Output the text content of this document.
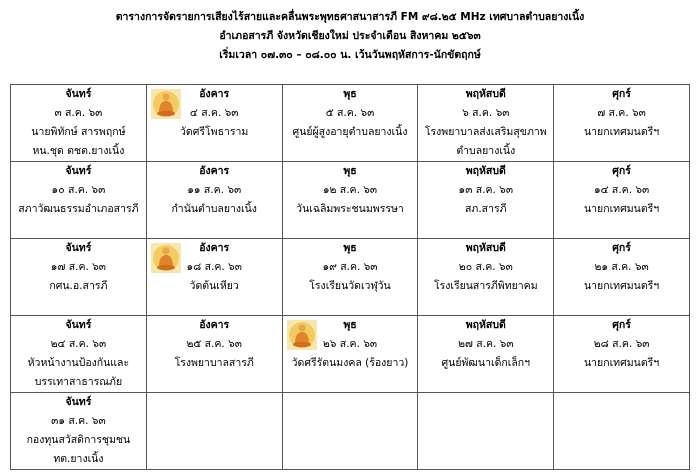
ตารางการจัดรายการเสียงไร้สายและคลื่นพระพุทธศาสนาสารภี FM ๙๘.๒๕ MHz เทศบาลตำบลยางเนิ้ง
อำเภอสารภี จังหวัดเชียงใหม่ ประจำเดือน สิงหาคม ๒๕๖๓
เริ่มเวลา ๐๗.๓๐ – ๐๘.๐๐ น. เว้นวันพฤหัสการ-นักขัตฤกษ์
จันทร์
๓ ส.ค. ๖๓
นายพิทักษ์ สารพฤกษ์
หน.ชุด ตชต.ยางเนิ้ง	อังคาร
๔ ส.ค. ๖๓
วัดศรีโพธาราม	พุธ
๕ ส.ค. ๖๓
ศูนย์ผู้สูงอายุตำบลยางเนิ้ง	พฤหัสบดี
๖ ส.ค. ๖๓
โรงพยาบาลส่งเสริมสุขภาพ
ตำบลยางเนิ้ง	ศุกร์
๗ ส.ค. ๖๓
นายกเทศมนตรีฯ

จันทร์
๑๐ ส.ค. ๖๓
สภาวัฒนธรรมอำเภอสารภี	อังคาร
๑๑ ส.ค. ๖๓
กำนันตำบลยางเนิ้ง	พุธ
๑๒ ส.ค. ๖๓
วันเฉลิมพระชนมพรรษา	พฤหัสบดี
๑๓ ส.ค. ๖๓
สภ.สารภี	ศุกร์
๑๔ ส.ค. ๖๓
นายกเทศมนตรีฯ

จันทร์
๑๗ ส.ค. ๖๓
กศน.อ.สารภี	อังคาร
๑๘ ส.ค. ๖๓
วัดต้นเหียว	พุธ
๑๙ ส.ค. ๖๓
โรงเรียนวัดเวฬุวัน	พฤหัสบดี
๒๐ ส.ค. ๖๓
โรงเรียนสารภีพิทยาคม	ศุกร์
๒๑ ส.ค. ๖๓
นายกเทศมนตรีฯ

จันทร์
๒๔ ส.ค. ๖๓
หัวหน้างานป้องกันและ
บรรเทาสาธารณภัย	อังคาร
๒๕ ส.ค. ๖๓
โรงพยาบาลสารภี	พุธ
๒๖ ส.ค. ๖๓
วัดศรีรัตนมงคล (ร้องยาว)	พฤหัสบดี
๒๗ ส.ค. ๖๓
ศูนย์พัฒนาเด็กเล็กฯ	ศุกร์
๒๘ ส.ค. ๖๓
นายกเทศมนตรีฯ

จันทร์
๓๑ ส.ค. ๖๓
กองทุนสวัสดิการชุมชน
ทต.ยางเนิ้ง				
